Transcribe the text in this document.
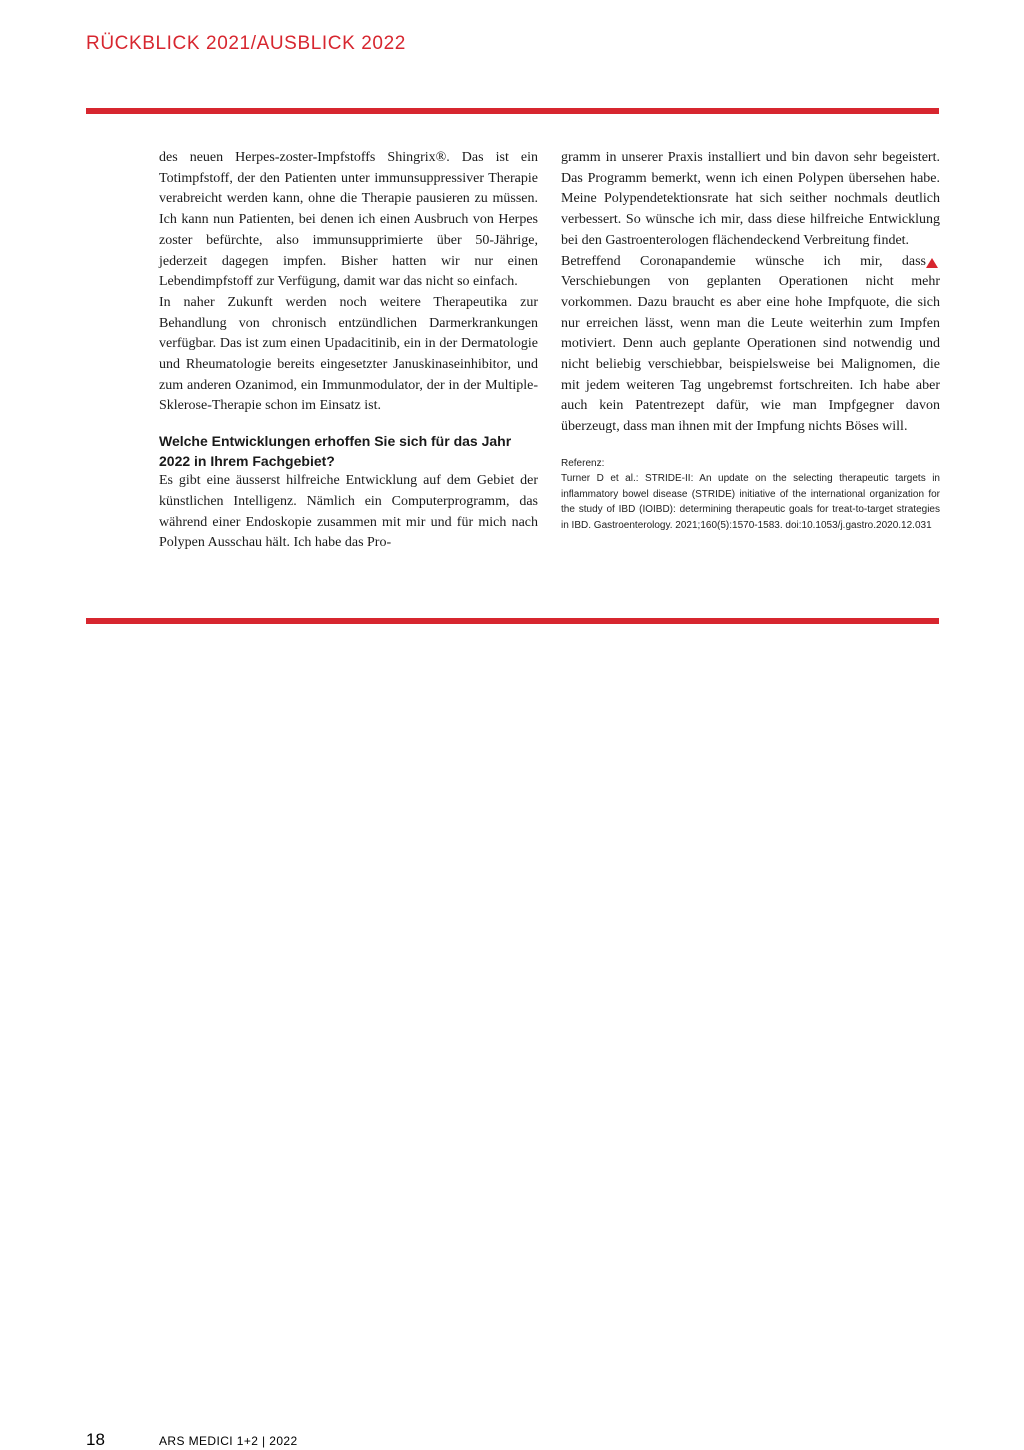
RÜCKBLICK 2021/AUSBLICK 2022

des neuen Herpes-zoster-Impfstoffs Shingrix®. Das ist ein Totimpfstoff, der den Patienten unter immunsuppressiver Therapie verabreicht werden kann, ohne die Therapie pausieren zu müssen. Ich kann nun Patienten, bei denen ich einen Ausbruch von Herpes zoster befürchte, also immunsupprimierte über 50-Jährige, jederzeit dagegen impfen. Bisher hatten wir nur einen Lebendimpfstoff zur Verfügung, damit war das nicht so einfach.

In naher Zukunft werden noch weitere Therapeutika zur Behandlung von chronisch entzündlichen Darmerkrankungen verfügbar. Das ist zum einen Upadacitinib, ein in der Dermatologie und Rheumatologie bereits eingesetzter Januskinaseinhibitor, und zum anderen Ozanimod, ein Immunmodulator, der in der Multiple-Sklerose-Therapie schon im Einsatz ist.

Welche Entwicklungen erhoffen Sie sich für das Jahr 2022 in Ihrem Fachgebiet?

Es gibt eine äusserst hilfreiche Entwicklung auf dem Gebiet der künstlichen Intelligenz. Nämlich ein Computerprogramm, das während einer Endoskopie zusammen mit mir und für mich nach Polypen Ausschau hält. Ich habe das Pro-

gramm in unserer Praxis installiert und bin davon sehr begeistert. Das Programm bemerkt, wenn ich einen Polypen übersehen habe. Meine Polypendetektionsrate hat sich seither nochmals deutlich verbessert. So wünsche ich mir, dass diese hilfreiche Entwicklung bei den Gastroenterologen flächendeckend Verbreitung findet.

Betreffend Coronapandemie wünsche ich mir, dass Verschiebungen von geplanten Operationen nicht mehr vorkommen. Dazu braucht es aber eine hohe Impfquote, die sich nur erreichen lässt, wenn man die Leute weiterhin zum Impfen motiviert. Denn auch geplante Operationen sind notwendig und nicht beliebig verschiebbar, beispielsweise bei Malignomen, die mit jedem weiteren Tag ungebremst fortschreiten. Ich habe aber auch kein Patentrezept dafür, wie man Impfgegner davon überzeugt, dass man ihnen mit der Impfung nichts Böses will.

Referenz:
Turner D et al.: STRIDE-II: An update on the selecting therapeutic targets in inflammatory bowel disease (STRIDE) initiative of the international organization for the study of IBD (IOIBD): determining therapeutic goals for treat-to-target strategies in IBD. Gastroenterology. 2021;160(5):1570-1583. doi:10.1053/j.gastro.2020.12.031
18	ARS MEDICI 1+2 | 2022
